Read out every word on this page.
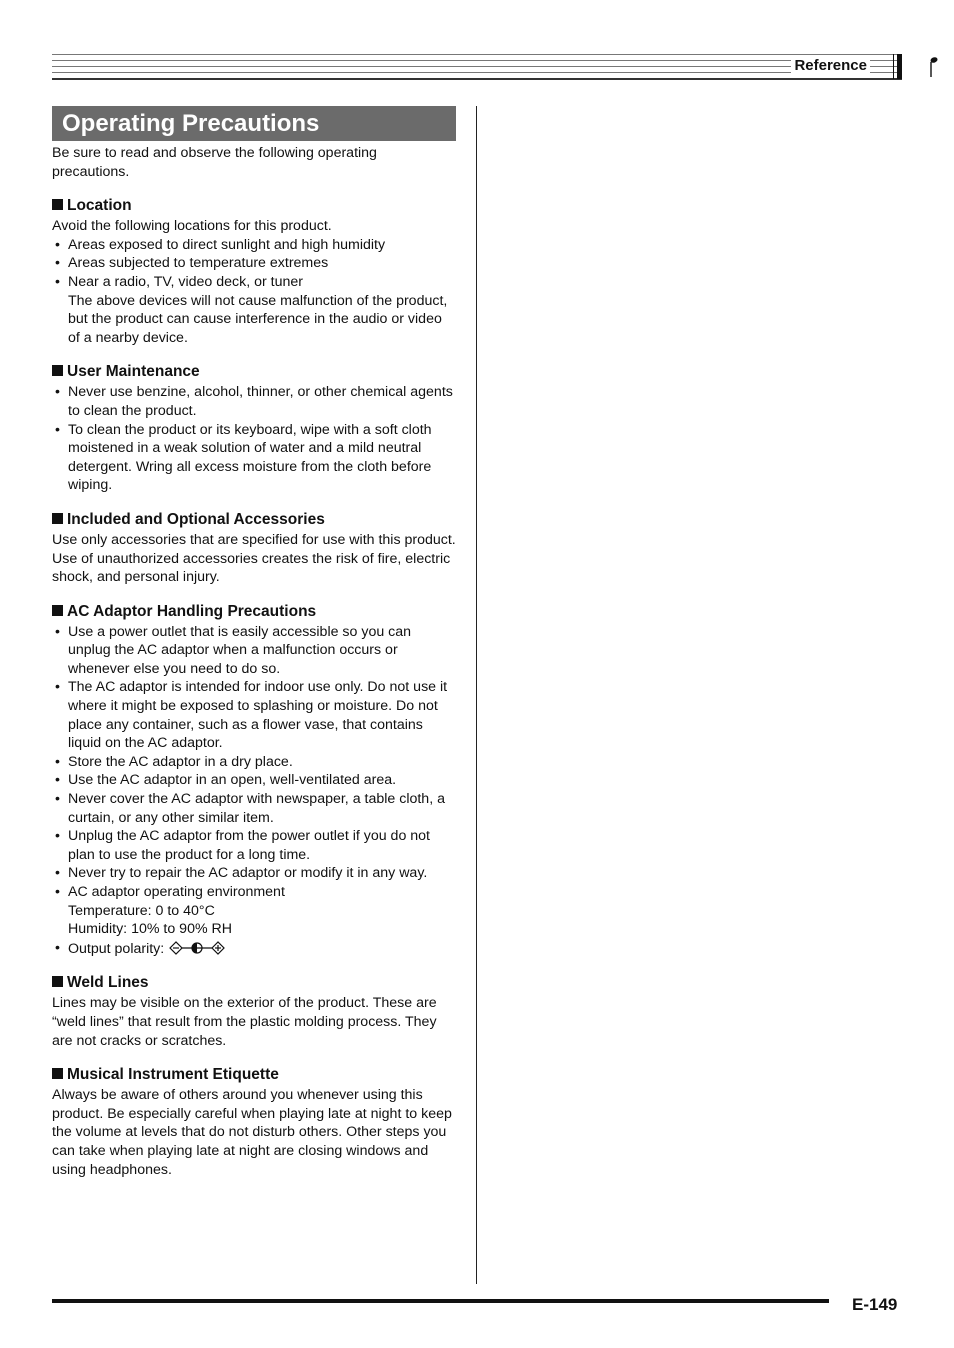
Reference
Operating Precautions

Be sure to read and observe the following operating precautions.

Location

Avoid the following locations for this product.

• Areas exposed to direct sunlight and high humidity
• Areas subjected to temperature extremes
• Near a radio, TV, video deck, or tuner
The above devices will not cause malfunction of the product, but the product can cause interference in the audio or video of a nearby device.
User Maintenance
• Never use benzine, alcohol, thinner, or other chemical agents to clean the product.
• To clean the product or its keyboard, wipe with a soft cloth moistened in a weak solution of water and a mild neutral detergent. Wring all excess moisture from the cloth before wiping.
Included and Optional Accessories

Use only accessories that are specified for use with this product. Use of unauthorized accessories creates the risk of fire, electric shock, and personal injury.

AC Adaptor Handling Precautions
• Use a power outlet that is easily accessible so you can unplug the AC adaptor when a malfunction occurs or whenever else you need to do so.
• The AC adaptor is intended for indoor use only. Do not use it where it might be exposed to splashing or moisture. Do not place any container, such as a flower vase, that contains liquid on the AC adaptor.
• Store the AC adaptor in a dry place.
• Use the AC adaptor in an open, well-ventilated area.
• Never cover the AC adaptor with newspaper, a table cloth, a curtain, or any other similar item.
• Unplug the AC adaptor from the power outlet if you do not plan to use the product for a long time.
• Never try to repair the AC adaptor or modify it in any way.
• AC adaptor operating environment
Temperature: 0 to 40°C
Humidity: 10% to 90% RH
• Output polarity:
Weld Lines

Lines may be visible on the exterior of the product. These are “weld lines” that result from the plastic molding process. They are not cracks or scratches.

Musical Instrument Etiquette

Always be aware of others around you whenever using this product. Be especially careful when playing late at night to keep the volume at levels that do not disturb others. Other steps you can take when playing late at night are closing windows and using headphones.

E-149
